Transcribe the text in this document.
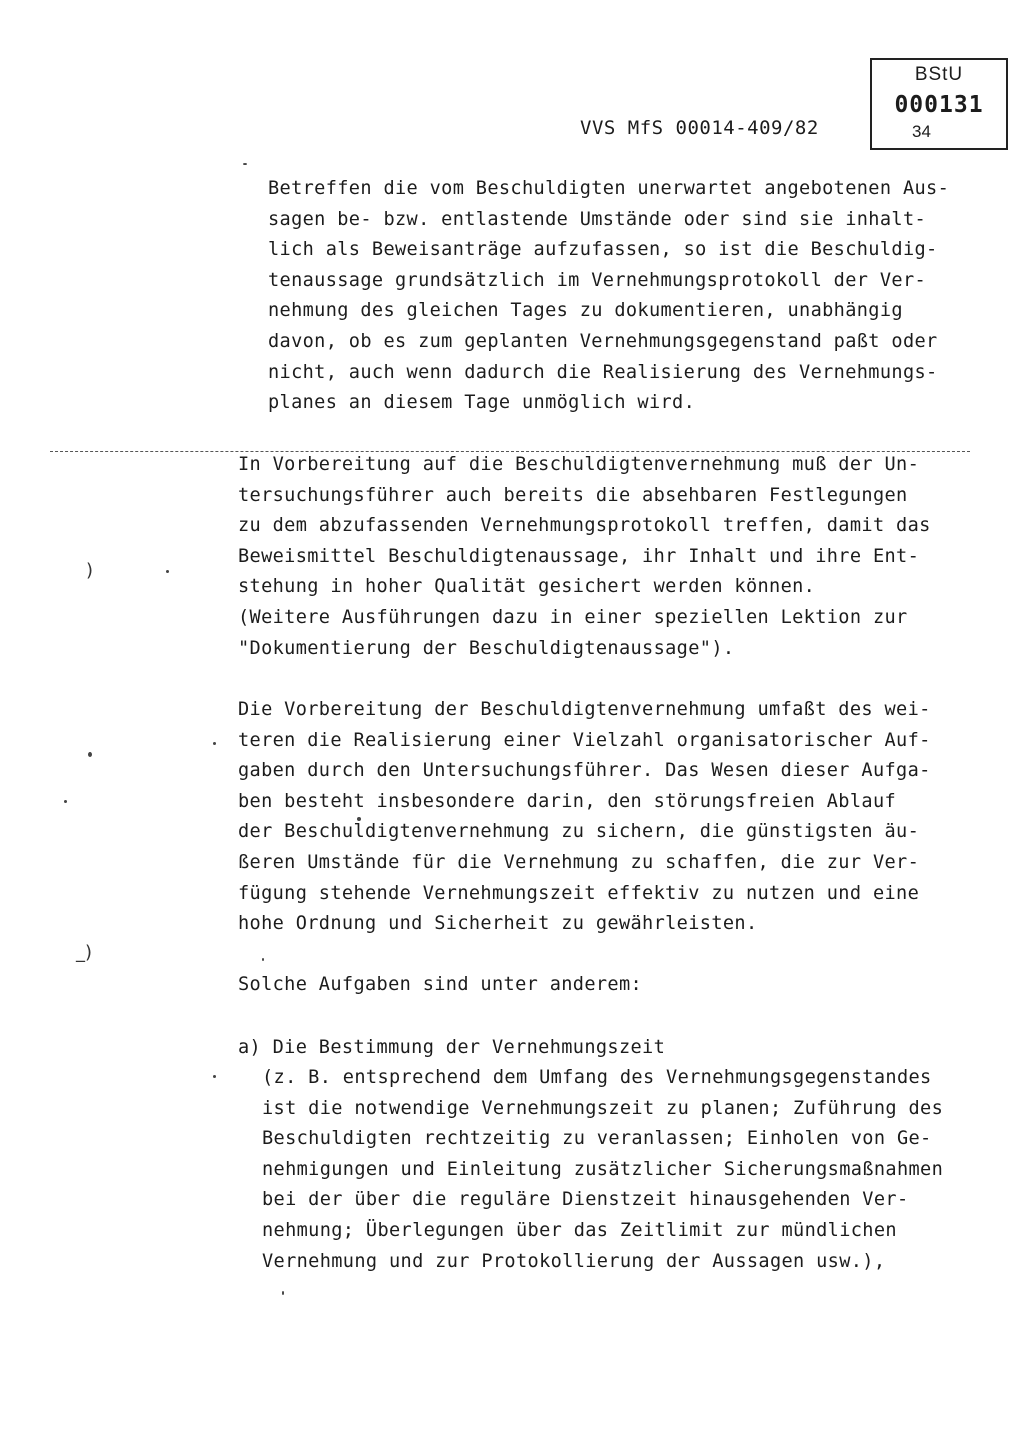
VVS MfS 00014-409/82
BStU
000131
34

Betreffen die vom Beschuldigten unerwartet angebotenen Aus-
sagen be- bzw. entlastende Umstände oder sind sie inhalt-
lich als Beweisanträge aufzufassen, so ist die Beschuldig-
tenaussage grundsätzlich im Vernehmungsprotokoll der Ver-
nehmung des gleichen Tages zu dokumentieren, unabhängig
davon, ob es zum geplanten Vernehmungsgegenstand paßt oder
nicht, auch wenn dadurch die Realisierung des Vernehmungs-
planes an diesem Tage unmöglich wird.

In Vorbereitung auf die Beschuldigtenvernehmung muß der Un-
tersuchungsführer auch bereits die absehbaren Festlegungen
zu dem abzufassenden Vernehmungsprotokoll treffen, damit das
Beweismittel Beschuldigtenaussage, ihr Inhalt und ihre Ent-
stehung in hoher Qualität gesichert werden können.
(Weitere Ausführungen dazu in einer speziellen Lektion zur
"Dokumentierung der Beschuldigtenaussage").

Die Vorbereitung der Beschuldigtenvernehmung umfaßt des wei-
teren die Realisierung einer Vielzahl organisatorischer Auf-
gaben durch den Untersuchungsführer. Das Wesen dieser Aufga-
ben besteht insbesondere darin, den störungsfreien Ablauf
der Beschuldigtenvernehmung zu sichern, die günstigsten äu-
ßeren Umstände für die Vernehmung zu schaffen, die zur Ver-
fügung stehende Vernehmungszeit effektiv zu nutzen und eine
hohe Ordnung und Sicherheit zu gewährleisten.

Solche Aufgaben sind unter anderem:

a) Die Bestimmung der Vernehmungszeit

(z. B. entsprechend dem Umfang des Vernehmungsgegenstandes
ist die notwendige Vernehmungszeit zu planen; Zuführung des
Beschuldigten rechtzeitig zu veranlassen; Einholen von Ge-
nehmigungen und Einleitung zusätzlicher Sicherungsmaßnahmen
bei der über die reguläre Dienstzeit hinausgehenden Ver-
nehmung; Überlegungen über das Zeitlimit zur mündlichen
Vernehmung und zur Protokollierung der Aussagen usw.),

)
_)
